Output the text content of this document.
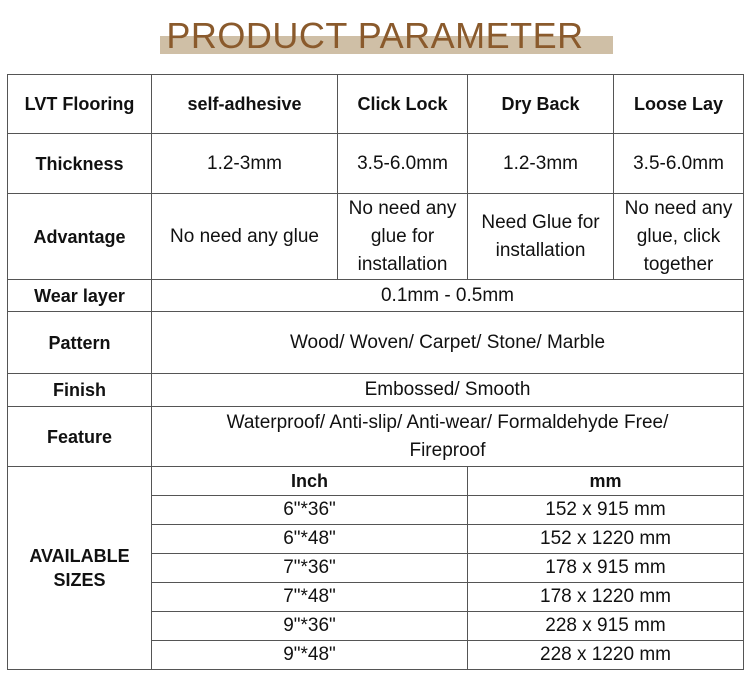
PRODUCT PARAMETER
LVT Flooring	self-adhesive	Click Lock	Dry Back	Loose Lay
Thickness	1.2-3mm	3.5-6.0mm	1.2-3mm	3.5-6.0mm
Advantage	No need any glue	No need any glue for installation	Need Glue for installation	No need any glue, click together
Wear layer	0.1mm - 0.5mm			
Pattern	Wood/ Woven/ Carpet/ Stone/ Marble			
Finish	Embossed/ Smooth			
Feature	Waterproof/ Anti-slip/ Anti-wear/ Formaldehyde Free/ Fireproof			

AVAILABLE
SIZES	Inch		mm	
	6"*36"		152 x 915 mm	
	6"*48"		152 x 1220 mm	
	7"*36"		178 x 915 mm	
	7"*48"		178 x 1220 mm	
	9"*36"		228 x 915 mm	
	9"*48"		228 x 1220 mm	
